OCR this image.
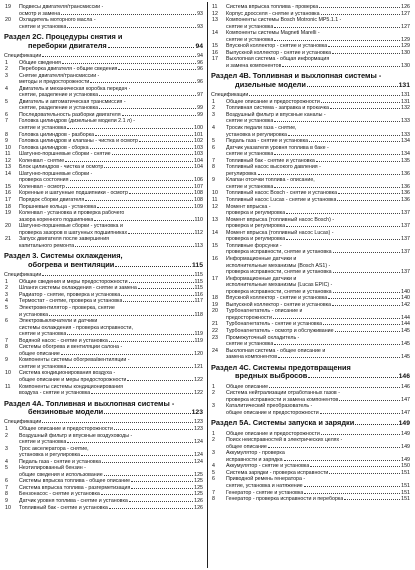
19	Подвесы двигателя/трансмиссии -
осмотр и замена	93
20	Охладитель моторного масла -
снятие и установка	93
Раздел 2С. Процедуры снятия и
переборки двигателя	94
Спецификации	94
1	Общие сведения	96
2	Переборка двигателя - общие сведения	96
3	Снятие двигателя/трансмиссии -
методы и предосторожности	96
4	Двигатель и механическая коробка передач -
снятие, разделение и установка	97
5	Двигатель и автоматическая трансмиссия -
снятие, разделение и установка	99
6	Последовательность разборки двигателя	99
7	Головка цилиндров (дизельные модели 2.1 л) -
снятие и установка	100
8	Головка цилиндров - разборка	101
9	Головка цилиндров и клапаны - чистка и осмотр	102
10	Головка цилиндров - сборка	103
11	Шатунно-поршневые сборки - снятие	103
12	Коленвал - снятие	104
13	Блок цилиндров - чистка и осмотр	104
14	Шатунно-поршневые сборки -
проверка состояния	106
15	Коленвал - осмотр	107
16	Коренные и шатунные подшипники - осмотр	108
17	Порядок сборки двигателя	108
18	Поршневые кольца - установка	109
19	Коленвал - установка и проверка рабочего
зазора коренного подшипника	110
20	Шатунно-поршневые сборки - установка и
проверка зазоров в шатунных подшипниках	112
21	Запуск двигателя после завершения
капитального ремонта	113
Раздел 3. Системы охлаждения,
обогрева и вентиляции	115
Спецификации	115
1	Общие сведения и меры предосторожности	115
2	Шланги системы охлаждения - снятие и замена	115
3	Радиатор - снятие, проверка и установка	116
4	Термостат - снятие, проверка и установка	117
5	Электровентилятор - проверка, снятие
и установка	118
6	Электровыключатели и датчики
системы охлаждения - проверка исправности,
снятие и установка	119
7	Водяной насос - снятие и установка	119
8	Системы обогрева и вентиляции салона -
общее описание	120
9	Компоненты системы обогрева/вентиляции -
снятие и установка	121
10	Система кондиционирования воздуха -
общее описание и меры предосторожности	122
11	Компоненты системы кондиционирования
воздуха - снятие и установка	122
Раздел 4А. Топливная и выхлопная системы -
бензиновые модели	123
Спецификации	123
1	Общее описание и предосторожности	123
2	Воздушный фильтр и впускные воздуховоды -
снятие и установка	124
3	Трос акселератора - снятие,
установка и регулировка	124
4	Педаль газа - снятие и установка	124
5	Неэтилированный бензин -
общие сведения и использование	125
6	Системы впрыска топлива - общее описание	125
7	Система впрыска топлива - разгерметизация	125
8	Бензонасос - снятие и установка	125
9	Датчик уровня топлива - снятие и установка	126
10	Топливный бак - снятие и установка	126
11	Система впрыска топлива - проверка	126
12	Корпус дросселя - снятие и установка	127
13	Компоненты системы Bosch Motronic MP5.1.1 -
снятие и установка	127
14	Компоненты системы Magneti Marelli -
снятие и установка	129
15	Впускной коллектор - снятие и установка	129
16	Выпускной коллектор - снятие и установка	130
17	Выхлопная система - общая информация
и замена компонентов	130
Раздел 4В. Топливная и выхлопная системы -
дизельные модели	131
Спецификации	131
1	Общее описание и предосторожности	131
2	Топливная система - заправка и прокачка	132
3	Воздушный фильтр и впускные каналы -
снятие и установка	133
4	Тросик педали газа - снятие,
установка и регулировка	133
5	Педаль газа - снятие и установка	134
6	Датчик указателя уровня топлива в баке -
снятие и установка	134
7	Топливный бак - снятие и установка	135
8	Топливный насос высокого давления -
регулировка	136
9	Клапан отсечки топлива - описание,
снятие и установка	136
10	Топливный насос Bosch - снятие и установка	136
11	Топливный насос Lucas - снятие и установка	136
12	Момент впрыска -
проверка и регулировка	137
13	Момент впрыска (топливный насос Bosch) -
проверка и регулировка	137
14	Момент впрыска (топливный насос Lucas) -
проверка и регулировка	137
15	Топливные форсунки -
проверка исправности, снятие и установка	137
16	Информационные датчики и
исполнительные механизмы (Bosch AS1) -
проверка исправности, снятие и установка	137
17	Информационные датчики и
исполнительные механизмы (Lucas EPIC) -
проверка исправности, снятие и установка	140
18	Впускной коллектор - снятие и установка	140
19	Выпускной коллектор - снятие и установка	142
20	Турбонагнетатель - описание и
предосторожности	144
21	Турбонагнетатель - снятие и установка	144
22	Турбонагнетатель - осмотр и обслуживание	145
23	Промежуточный охладитель -
снятие и установка	145
24	Выхлопная система - общее описание и
замена компонентов	145
Раздел 4С. Системы предотвращения
вредных выбросов	146
1	Общее описание	146
2	Система нейтрализации отработанных газов -
проверка исправности и замена компонентов	147
3	Каталитический преобразователь -
общее описание и предосторожности	147
Раздел 5А. Системы запуска и зарядки	149
1	Общее описание и предосторожности	149
2	Поиск неисправностей в электрических целях -
общее описание	149
3	Аккумулятор - проверка
исправности и зарядка	149
4	Аккумулятор - снятие и установка	150
5	Система зарядки - проверка исправности	151
6	Приводной ремень генератора -
снятие, установка и натяжение	151
7	Генератор - снятие и установка	151
8	Генератор - проверка исправности и переборка	151
